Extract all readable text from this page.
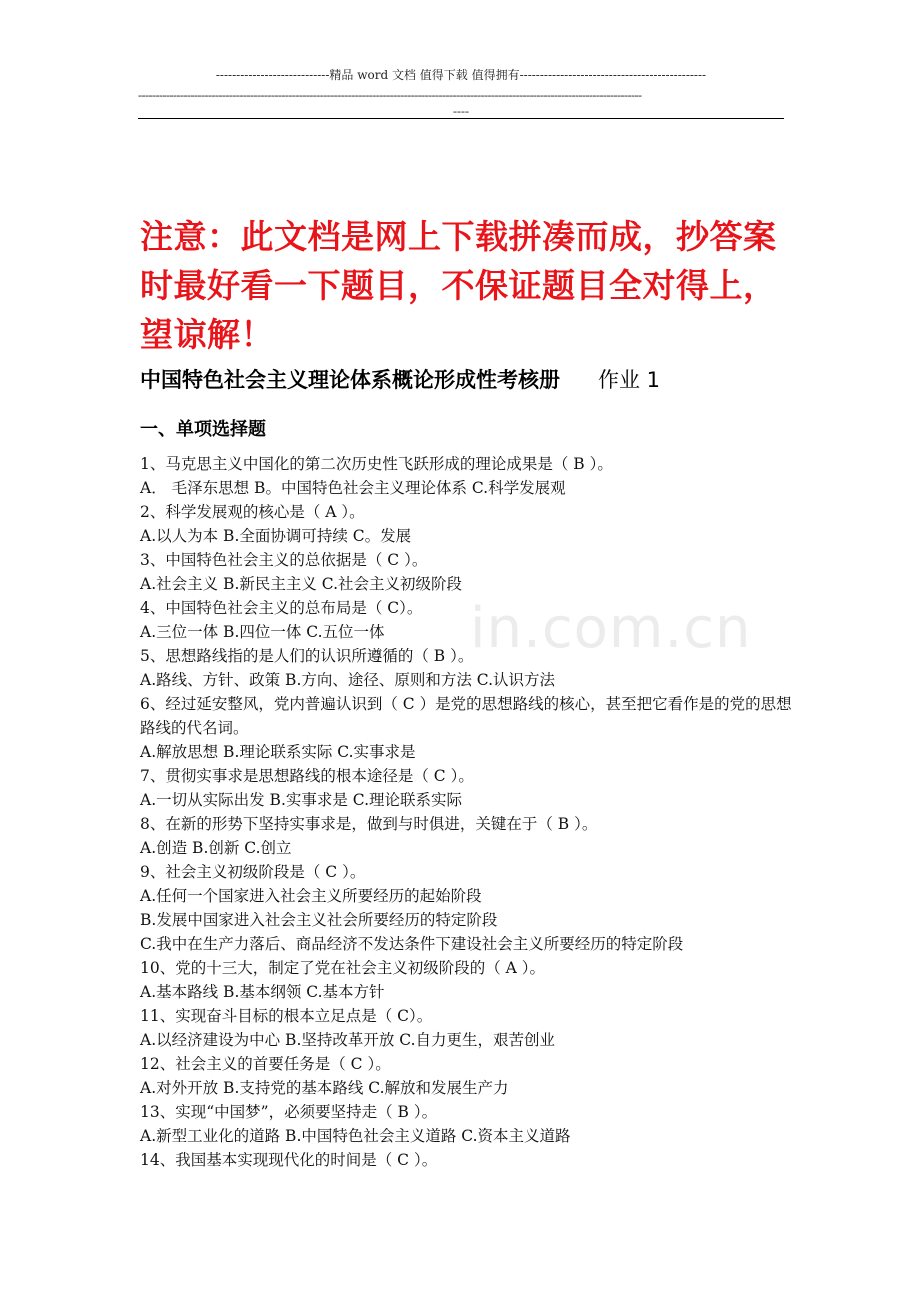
----------------------------精品 word 文档 值得下载 值得拥有----------------------------------------------
------------------------------------------------------------------------------------------------------------------------------------------------
----
注意：此文档是网上下载拼凑而成，抄答案时最好看一下题目，不保证题目全对得上，望谅解！
中国特色社会主义理论体系概论形成性考核册 作业 1
一、单项选择题
in.com.cn

1、马克思主义中国化的第二次历史性飞跃形成的理论成果是（ B ）。

A． 毛泽东思想 B。中国特色社会主义理论体系 C.科学发展观

2、科学发展观的核心是（ A ）。

A.以人为本 B.全面协调可持续 C。发展

3、中国特色社会主义的总依据是（ C ）。

A.社会主义 B.新民主主义 C.社会主义初级阶段

4、中国特色社会主义的总布局是（ C）。

A.三位一体 B.四位一体 C.五位一体

5、思想路线指的是人们的认识所遵循的（ B ）。

A.路线、方针、政策 B.方向、途径、原则和方法 C.认识方法

6、经过延安整风，党内普遍认识到（ C ）是党的思想路线的核心，甚至把它看作是的党的思想路线的代名词。

A.解放思想 B.理论联系实际 C.实事求是

7、贯彻实事求是思想路线的根本途径是（ C ）。

A.一切从实际出发 B.实事求是 C.理论联系实际

8、在新的形势下坚持实事求是，做到与时俱进，关键在于（ B ）。

A.创造 B.创新 C.创立

9、社会主义初级阶段是（ C ）。

A.任何一个国家进入社会主义所要经历的起始阶段

B.发展中国家进入社会主义社会所要经历的特定阶段

C.我中在生产力落后、商品经济不发达条件下建设社会主义所要经历的特定阶段

10、党的十三大，制定了党在社会主义初级阶段的（ A ）。

A.基本路线 B.基本纲领 C.基本方针

11、实现奋斗目标的根本立足点是（ C）。

A.以经济建设为中心 B.坚持改革开放 C.自力更生，艰苦创业

12、社会主义的首要任务是（ C ）。

A.对外开放 B.支持党的基本路线 C.解放和发展生产力

13、实现“中国梦”，必须要坚持走（ B ）。

A.新型工业化的道路 B.中国特色社会主义道路 C.资本主义道路

14、我国基本实现现代化的时间是（ C ）。
